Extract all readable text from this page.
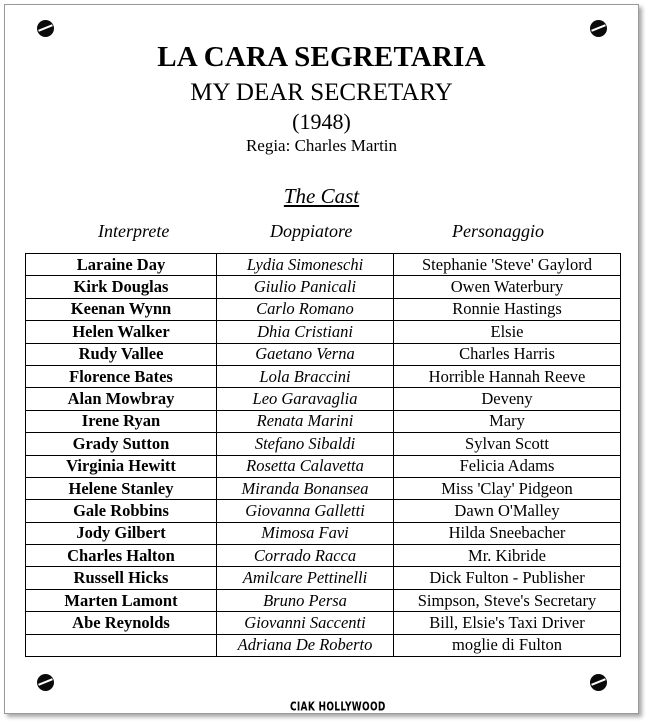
LA CARA SEGRETARIA
MY DEAR SECRETARY
(1948)
Regia: Charles Martin
The Cast
Interprete	Doppiatore	Personaggio
Laraine Day	Lydia Simoneschi	Stephanie 'Steve' Gaylord
Kirk Douglas	Giulio Panicali	Owen Waterbury
Keenan Wynn	Carlo Romano	Ronnie Hastings
Helen Walker	Dhia Cristiani	Elsie
Rudy Vallee	Gaetano Verna	Charles Harris
Florence Bates	Lola Braccini	Horrible Hannah Reeve
Alan Mowbray	Leo Garavaglia	Deveny
Irene Ryan	Renata Marini	Mary
Grady Sutton	Stefano Sibaldi	Sylvan Scott
Virginia Hewitt	Rosetta Calavetta	Felicia Adams
Helene Stanley	Miranda Bonansea	Miss 'Clay' Pidgeon
Gale Robbins	Giovanna Galletti	Dawn O'Malley
Jody Gilbert	Mimosa Favi	Hilda Sneebacher
Charles Halton	Corrado Racca	Mr. Kibride
Russell Hicks	Amilcare Pettinelli	Dick Fulton - Publisher
Marten Lamont	Bruno Persa	Simpson, Steve's Secretary
Abe Reynolds	Giovanni Saccenti	Bill, Elsie's Taxi Driver
	Adriana De Roberto	moglie di Fulton
CIAK HOLLYWOOD
